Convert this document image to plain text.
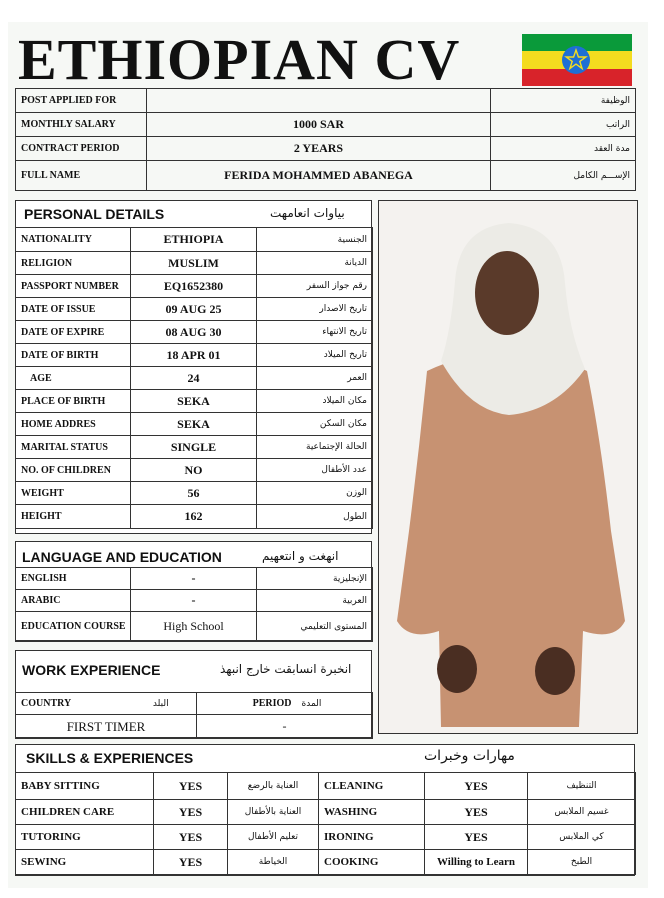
ETHIOPIAN CV
POST APPLIED FOR		الوظيفة
MONTHLY SALARY	1000 SAR	الراتب
CONTRACT PERIOD	2 YEARS	مدة العقد
FULL NAME	FERIDA MOHAMMED ABANEGA	الإســـم الكامل
PERSONAL DETAILS	بياوات انعامهت
NATIONALITY	ETHIOPIA	الجنسية
RELIGION	MUSLIM	الديانة
PASSPORT NUMBER	EQ1652380	رقم جواز السفر
DATE OF ISSUE	09 AUG 25	تاريخ الاصدار
DATE OF EXPIRE	08 AUG 30	تاريخ الانتهاء
DATE OF BIRTH	18 APR 01	تاريخ الميلاد
AGE	24	العمر
PLACE OF BIRTH	SEKA	مكان الميلاد
HOME ADDRES	SEKA	مكان السكن
MARITAL STATUS	SINGLE	الحالة الإجتماعية
NO. OF CHILDREN	NO	عدد الأطفال
WEIGHT	56	الوزن
HEIGHT	162	الطول
LANGUAGE AND EDUCATION	انهغت و انتعهيم
ENGLISH	-	الإنجليزية
ARABIC	-	العربية
EDUCATION COURSE	High School	المستوى التعليمي
WORK EXPERIENCE	انخبرة انسابقت خارج انبهذ
COUNTRY	البلد	PERIOD	المدة
FIRST TIMER		-	
SKILLS & EXPERIENCES	مهارات وخبرات
BABY SITTING	YES	العناية بالرضع	CLEANING	YES	التنظيف
CHILDREN CARE	YES	العناية بالأطفال	WASHING	YES	غسيم الملابس
TUTORING	YES	تعليم الأطفال	IRONING	YES	كي الملابس
SEWING	YES	الخياطة	COOKING	Willing to Learn	الطبخ
